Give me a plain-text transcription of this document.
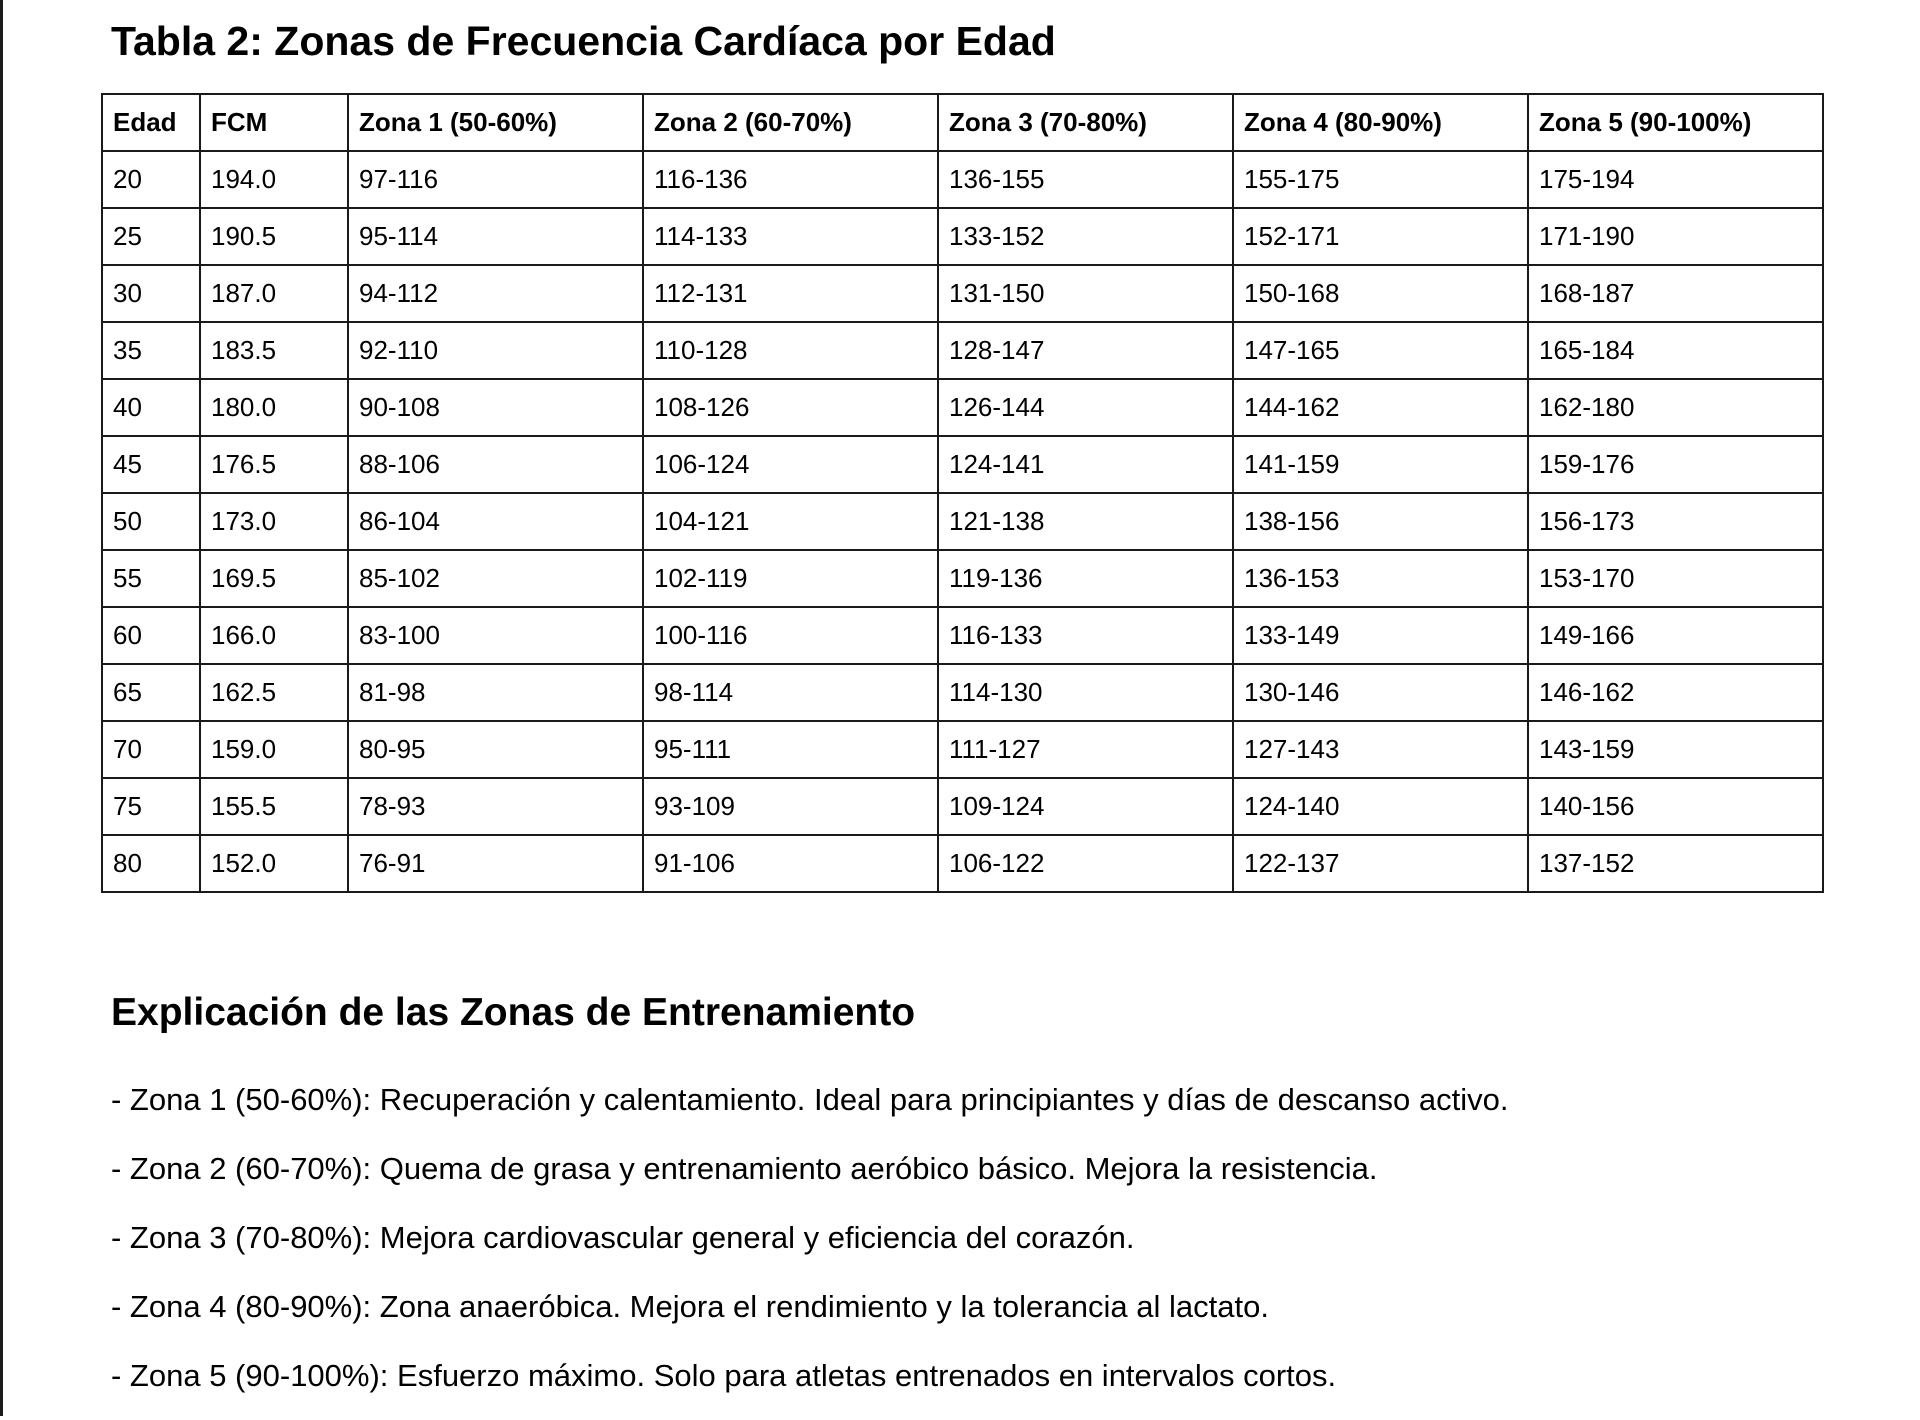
Tabla 2: Zonas de Frecuencia Cardíaca por Edad
Edad	FCM	Zona 1 (50-60%)	Zona 2 (60-70%)	Zona 3 (70-80%)	Zona 4 (80-90%)	Zona 5 (90-100%)
20	194.0	97-116	116-136	136-155	155-175	175-194
25	190.5	95-114	114-133	133-152	152-171	171-190
30	187.0	94-112	112-131	131-150	150-168	168-187
35	183.5	92-110	110-128	128-147	147-165	165-184
40	180.0	90-108	108-126	126-144	144-162	162-180
45	176.5	88-106	106-124	124-141	141-159	159-176
50	173.0	86-104	104-121	121-138	138-156	156-173
55	169.5	85-102	102-119	119-136	136-153	153-170
60	166.0	83-100	100-116	116-133	133-149	149-166
65	162.5	81-98	98-114	114-130	130-146	146-162
70	159.0	80-95	95-111	111-127	127-143	143-159
75	155.5	78-93	93-109	109-124	124-140	140-156
80	152.0	76-91	91-106	106-122	122-137	137-152
Explicación de las Zonas de Entrenamiento
- Zona 1 (50-60%): Recuperación y calentamiento. Ideal para principiantes y días de descanso activo.
- Zona 2 (60-70%): Quema de grasa y entrenamiento aeróbico básico. Mejora la resistencia.
- Zona 3 (70-80%): Mejora cardiovascular general y eficiencia del corazón.
- Zona 4 (80-90%): Zona anaeróbica. Mejora el rendimiento y la tolerancia al lactato.
- Zona 5 (90-100%): Esfuerzo máximo. Solo para atletas entrenados en intervalos cortos.
